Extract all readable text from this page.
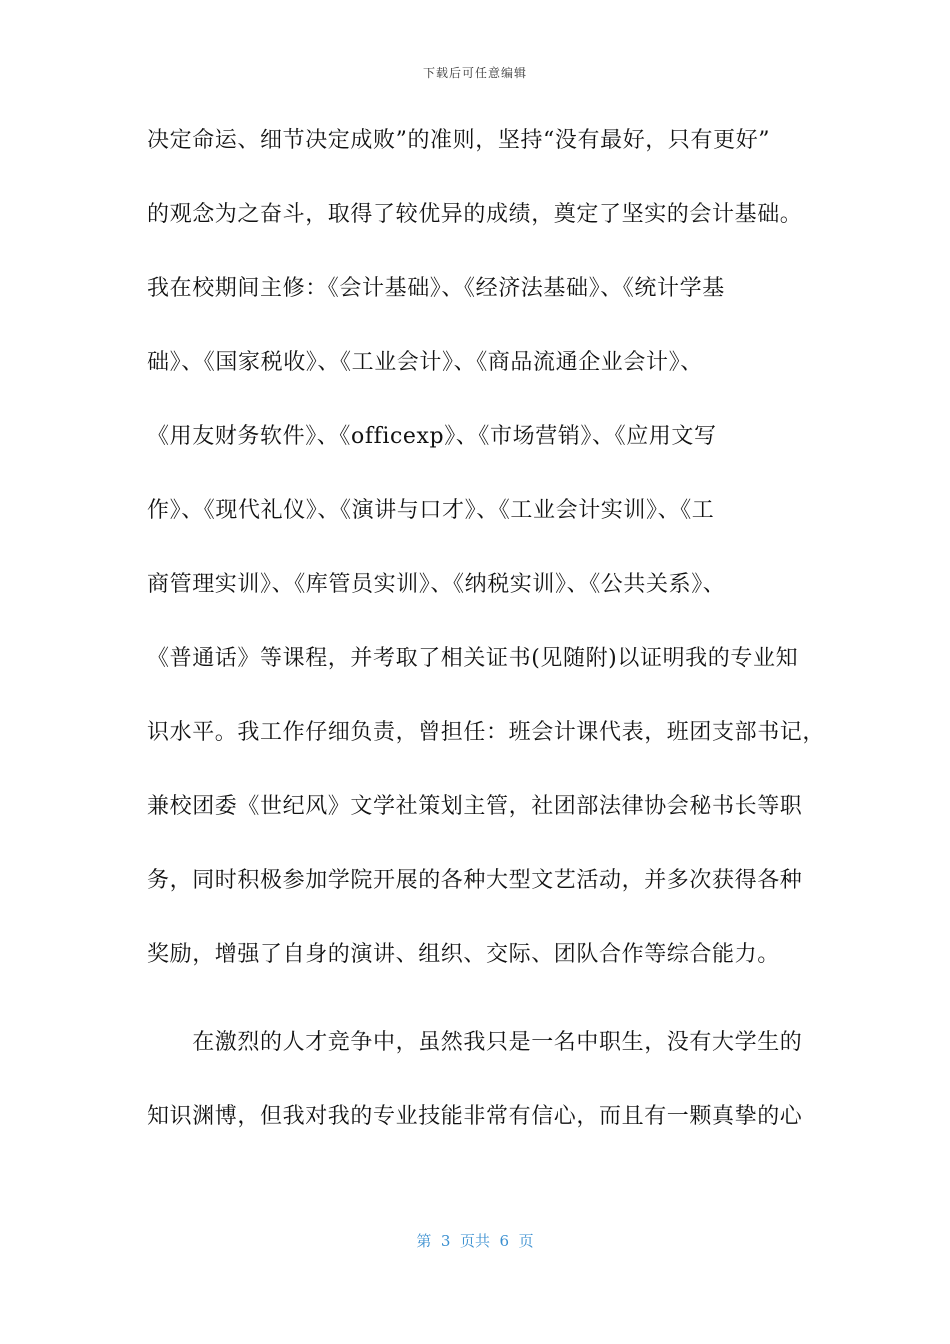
下载后可任意编辑
决定命运、细节决定成败”的准则，坚持“没有最好，只有更好”
的观念为之奋斗，取得了较优异的成绩，奠定了坚实的会计基础。
我在校期间主修：《会计基础》、《经济法基础》、《统计学基
础》、《国家税收》、《工业会计》、《商品流通企业会计》、
《用友财务软件》、《officexp》、《市场营销》、《应用文写
作》、《现代礼仪》、《演讲与口才》、《工业会计实训》、《工
商管理实训》、《库管员实训》、《纳税实训》、《公共关系》、
《普通话》等课程，并考取了相关证书(见随附)以证明我的专业知
识水平。我工作仔细负责，曾担任：班会计课代表，班团支部书记，
兼校团委《世纪风》文学社策划主管，社团部法律协会秘书长等职
务，同时积极参加学院开展的各种大型文艺活动，并多次获得各种
奖励，增强了自身的演讲、组织、交际、团队合作等综合能力。
　　在激烈的人才竞争中，虽然我只是一名中职生，没有大学生的
知识渊博，但我对我的专业技能非常有信心，而且有一颗真挚的心
第  3  页共  6  页
